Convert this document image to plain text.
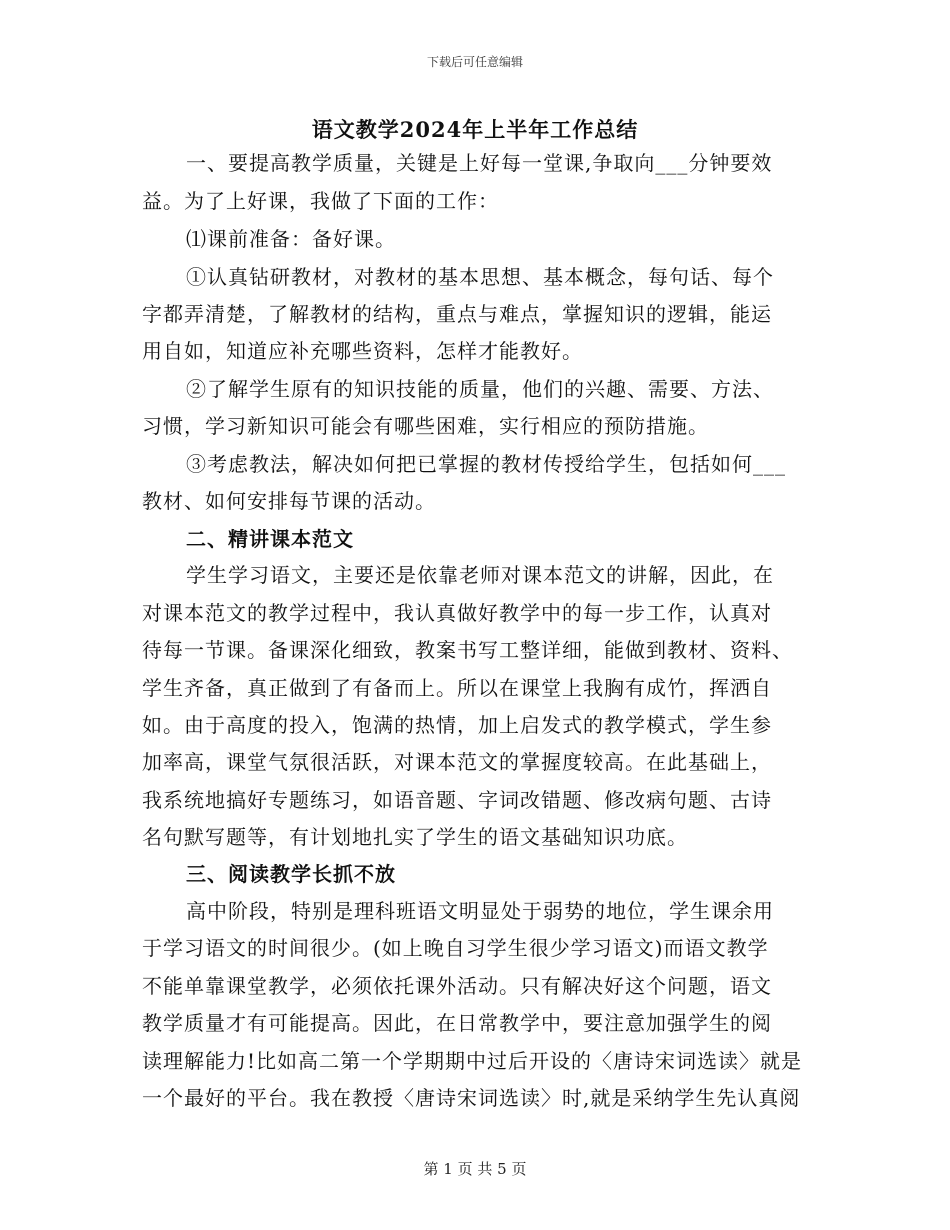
下载后可任意编辑
语文教学2024年上半年工作总结
一、要提高教学质量，关键是上好每一堂课,争取向___分钟要效
益。为了上好课，我做了下面的工作：
⑴课前准备：备好课。
①认真钻研教材，对教材的基本思想、基本概念，每句话、每个
字都弄清楚，了解教材的结构，重点与难点，掌握知识的逻辑，能运
用自如，知道应补充哪些资料，怎样才能教好。
②了解学生原有的知识技能的质量，他们的兴趣、需要、方法、
习惯，学习新知识可能会有哪些困难，实行相应的预防措施。
③考虑教法，解决如何把已掌握的教材传授给学生，包括如何___
教材、如何安排每节课的活动。
二、精讲课本范文
学生学习语文，主要还是依靠老师对课本范文的讲解，因此，在
对课本范文的教学过程中，我认真做好教学中的每一步工作，认真对
待每一节课。备课深化细致，教案书写工整详细，能做到教材、资料、
学生齐备，真正做到了有备而上。所以在课堂上我胸有成竹，挥洒自
如。由于高度的投入，饱满的热情，加上启发式的教学模式，学生参
加率高，课堂气氛很活跃，对课本范文的掌握度较高。在此基础上，
我系统地搞好专题练习，如语音题、字词改错题、修改病句题、古诗
名句默写题等，有计划地扎实了学生的语文基础知识功底。
三、阅读教学长抓不放
高中阶段，特别是理科班语文明显处于弱势的地位，学生课余用
于学习语文的时间很少。(如上晚自习学生很少学习语文)而语文教学
不能单靠课堂教学，必须依托课外活动。只有解决好这个问题，语文
教学质量才有可能提高。因此，在日常教学中，要注意加强学生的阅
读理解能力!比如高二第一个学期期中过后开设的〈唐诗宋词选读〉就是
一个最好的平台。我在教授〈唐诗宋词选读〉时,就是采纳学生先认真阅
第 1 页 共 5 页
